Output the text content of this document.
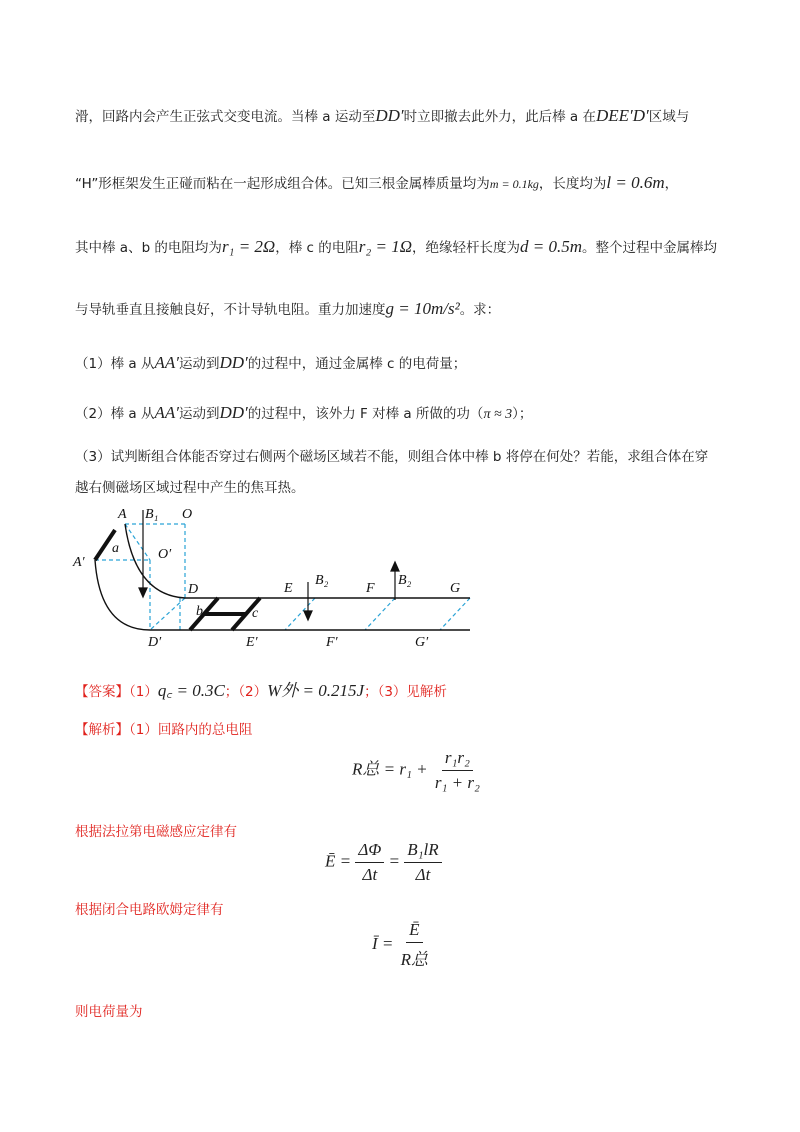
滑，回路内会产生正弦式交变电流。当棒 a 运动至DD′时立即撤去此外力，此后棒 a 在DEE′D′区域与
“H”形框架发生正碰而粘在一起形成组合体。已知三根金属棒质量均为m = 0.1kg，长度均为l = 0.6m，
其中棒 a、b 的电阻均为r₁ = 2Ω，棒 c 的电阻r₂ = 1Ω，绝缘轻杆长度为d = 0.5m。整个过程中金属棒均
与导轨垂直且接触良好，不计导轨电阻。重力加速度g = 10m/s²。求：
（1）棒 a 从AA′运动到DD′的过程中，通过金属棒 c 的电荷量；
（2）棒 a 从AA′运动到DD′的过程中，该外力 F 对棒 a 所做的功（π ≈ 3）；
（3）试判断组合体能否穿过右侧两个磁场区域若不能，则组合体中棒 b 将停在何处？若能，求组合体在穿
越右侧磁场区域过程中产生的焦耳热。
A B₁ O
A′
O′
a
D
D′
b	c
E
B₂
E′
F
B₂
F′
G
G′
【答案】（1）q꜀ = 0.3C；（2）W外 = 0.215J；（3）见解析
【解析】（1）回路内的总电阻
R总 = $r_1 + \frac{\text{r₁r₂}}{\text{r₁ + r₂}}$
根据法拉第电磁感应定律有
Ē = $\frac{\Delta\Phi}{\Delta t} = \frac{\text{B₁lR}}{\Delta t}$
根据闭合电路欧姆定律有
Ī = $\frac{Ē}{\text{R总}}$
则电荷量为
